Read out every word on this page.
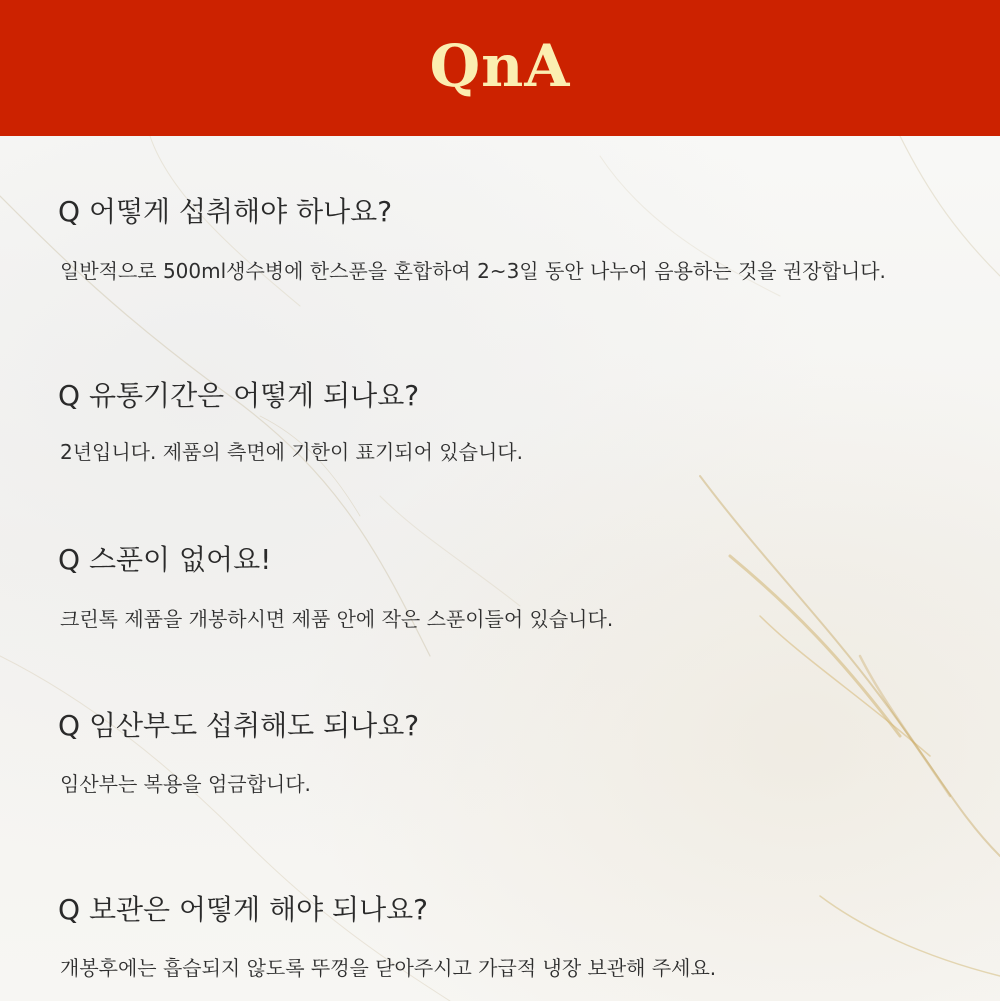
QnA
Q 어떻게 섭취해야 하나요?
일반적으로 500ml생수병에 한스푼을 혼합하여 2~3일 동안 나누어 음용하는 것을 권장합니다.
Q 유통기간은 어떻게 되나요?
2년입니다. 제품의 측면에 기한이 표기되어 있습니다.
Q 스푼이 없어요!
크린톡 제품을 개봉하시면 제품 안에 작은 스푼이들어 있습니다.
Q 임산부도 섭취해도 되나요?
임산부는 복용을 엄금합니다.
Q 보관은 어떻게 해야 되나요?
개봉후에는 흡습되지 않도록 뚜껑을 닫아주시고 가급적 냉장 보관해 주세요.
